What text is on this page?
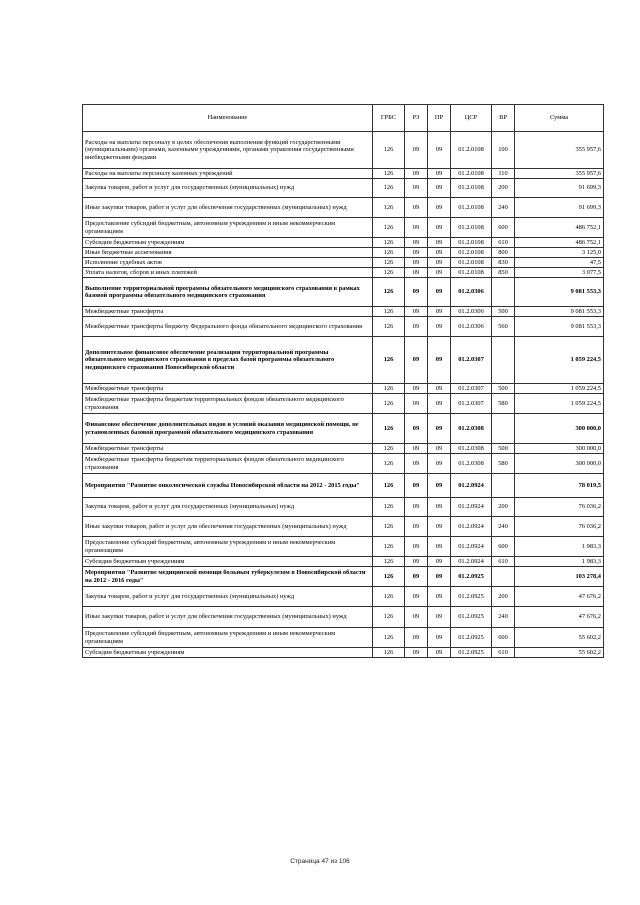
Наименование	ГРБС	РЗ	ПР	ЦСР	ВР	Сумма
Расходы на выплаты персоналу в целях обеспечения выполнения функций государственными (муниципальными) органами, казенными учреждениями, органами управления государственными внебюджетными фондами	126	09	09	01.2.0108	100	355 957,6
Расходы на выплаты персоналу казенных учреждений	126	09	09	01.2.0108	110	355 957,6
Закупка товаров, работ и услуг для государственных (муниципальных) нужд	126	09	09	01.2.0108	200	91 699,3
Иные закупки товаров, работ и услуг для обеспечения государственных (муниципальных) нужд	126	09	09	01.2.0108	240	91 699,3
Предоставление субсидий бюджетным, автономным учреждениям и иным некоммерческим организациям	126	09	09	01.2.0108	600	486 752,1
Субсидии бюджетным учреждениям	126	09	09	01.2.0108	610	486 752,1
Иные бюджетные ассигнования	126	09	09	01.2.0108	800	3 125,0
Исполнение судебных актов	126	09	09	01.2.0108	830	47,5
Уплата налогов, сборов и иных платежей	126	09	09	01.2.0108	850	3 077,5
Выполнение территориальной программы обязательного медицинского страхования в рамках базовой программы обязательного медицинского страхования	126	09	09	01.2.0306		9 081 553,3
Межбюджетные трансферты	126	09	09	01.2.0306	500	9 081 553,3
Межбюджетные трансферты бюджету Федерального фонда обязательного медицинского страхования	126	09	09	01.2.0306	560	9 081 553,3
Дополнительное финансовое обеспечение реализации территориальной программы обязательного медицинского страхования в пределах базой программы обязательного медицинского страхования Новосибирской области	126	09	09	01.2.0307		1 059 224,5
Межбюджетные трансферты	126	09	09	01.2.0307	500	1 059 224,5
Межбюджетные трансферты бюджетам территориальных фондов обязательного медицинского страхования	126	09	09	01.2.0307	580	1 059 224,5
Финансовое обеспечение дополнительных видов и условий оказания медицинской помощи, не установленных базовой программой обязательного медицинского страхования	126	09	09	01.2.0308		300 000,0
Межбюджетные трансферты	126	09	09	01.2.0308	500	300 000,0
Межбюджетные трансферты бюджетам территориальных фондов обязательного медицинского страхования	126	09	09	01.2.0308	580	300 000,0
Мероприятия "Развитие онкологической службы Новосибирской области на 2012 - 2015 годы"	126	09	09	01.2.0924		78 019,5
Закупка товаров, работ и услуг для государственных (муниципальных) нужд	126	09	09	01.2.0924	200	76 036,2
Иные закупки товаров, работ и услуг для обеспечения государственных (муниципальных) нужд	126	09	09	01.2.0924	240	76 036,2
Предоставление субсидий бюджетным, автономным учреждениям и иным некоммерческим организациям	126	09	09	01.2.0924	600	1 983,3
Субсидии бюджетным учреждениям	126	09	09	01.2.0924	610	1 983,3
Мероприятия "Развитие медицинской помощи больным туберкулезом в Новосибирской области на 2012 - 2016 годы"	126	09	09	01.2.0925		103 278,4
Закупка товаров, работ и услуг для государственных (муниципальных) нужд	126	09	09	01.2.0925	200	47 676,2
Иные закупки товаров, работ и услуг для обеспечения государственных (муниципальных) нужд	126	09	09	01.2.0925	240	47 676,2
Предоставление субсидий бюджетным, автономным учреждениям и иным некоммерческим организациям	126	09	09	01.2.0925	600	55 602,2
Субсидии бюджетным учреждениям	126	09	09	01.2.0925	610	55 602,2
Страница 47 из 106
